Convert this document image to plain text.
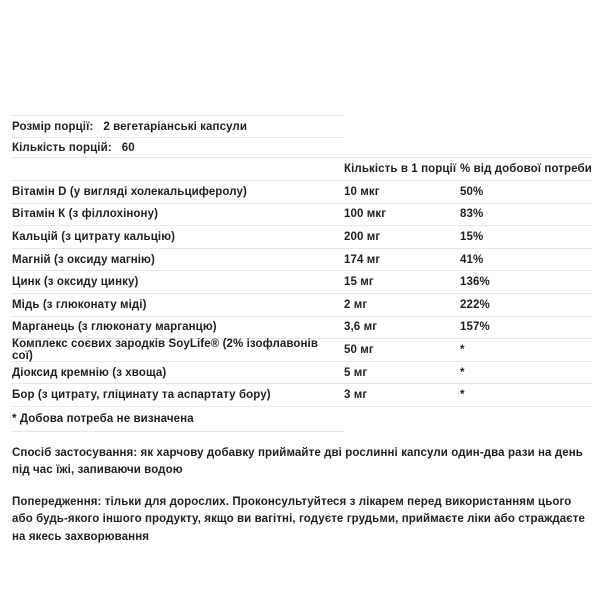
Розмір порції: 2 вегетаріанські капсули
Кількість порцій: 60
Кількість в 1 порції % від добової потреби
Вітамін D (у вигляді холекальциферолу)	10 мкг	50%
Вітамін К (з філлохінону)	100 мкг	83%
Кальцій (з цитрату кальцію)	200 мг	15%
Магній (з оксиду магнію)	174 мг	41%
Цинк (з оксиду цинку)	15 мг	136%
Мідь (з глюконату міді)	2 мг	222%
Марганець (з глюконату марганцю)	3,6 мг	157%
Комплекс соєвих зародків SoyLife® (2% ізофлавонів сої)	50 мг	*
Діоксид кремнію (з хвоща)	5 мг	*
Бор (з цитрату, гліцинату та аспартату бору)	3 мг	*
* Добова потреба не визначена
Спосіб застосування: як харчову добавку приймайте дві рослинні капсули один-два рази на день під час їжі, запиваючи водою
Попередження: тільки для дорослих. Проконсультуйтеся з лікарем перед використанням цього або будь-якого іншого продукту, якщо ви вагітні, годуєте грудьми, приймаєте ліки або страждаєте на якесь захворювання
